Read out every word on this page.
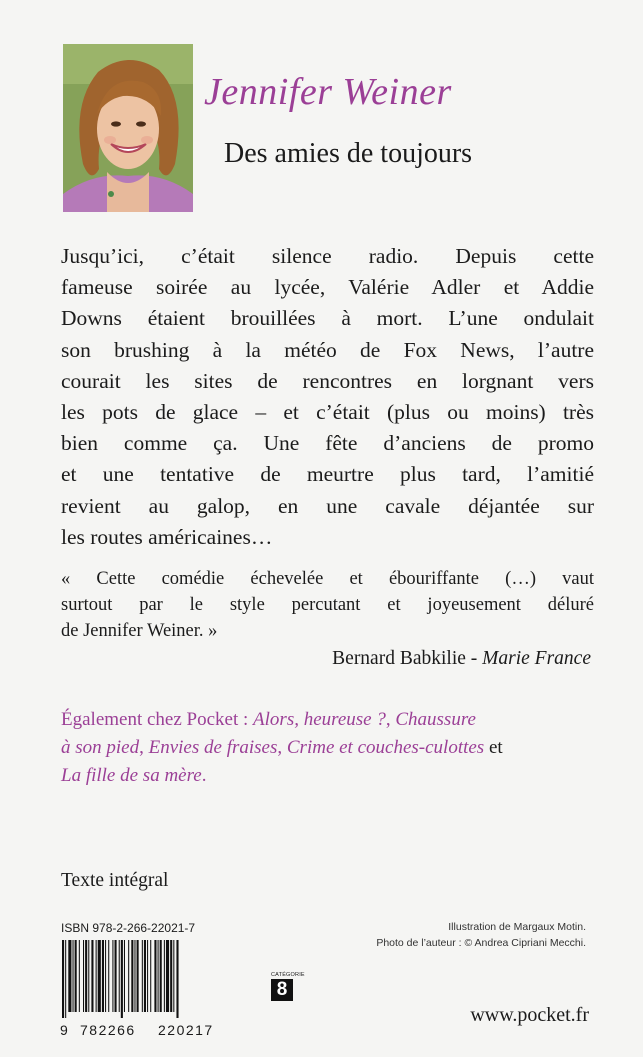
Jennifer Weiner
Des amies de toujours
Jusqu’ici, c’était silence radio. Depuis cette
fameuse soirée au lycée, Valérie Adler et Addie
Downs étaient brouillées à mort. L’une ondulait
son brushing à la météo de Fox News, l’autre
courait les sites de rencontres en lorgnant vers
les pots de glace – et c’était (plus ou moins) très
bien comme ça. Une fête d’anciens de promo
et une tentative de meurtre plus tard, l’amitié
revient au galop, en une cavale déjantée sur
les routes américaines…
« Cette comédie échevelée et ébouriffante (…) vaut
surtout par le style percutant et joyeusement déluré
de Jennifer Weiner. »
Bernard Babkilie - Marie France
Également chez Pocket : Alors, heureuse ?, Chaussure
à son pied, Envies de fraises, Crime et couches-culottes et
La fille de sa mère.
Texte intégral
ISBN 978-2-266-22021-7
9 782266 220217
CATÉGORIE
8
Illustration de Margaux Motin.
Photo de l’auteur : © Andrea Cipriani Mecchi.
www.pocket.fr
